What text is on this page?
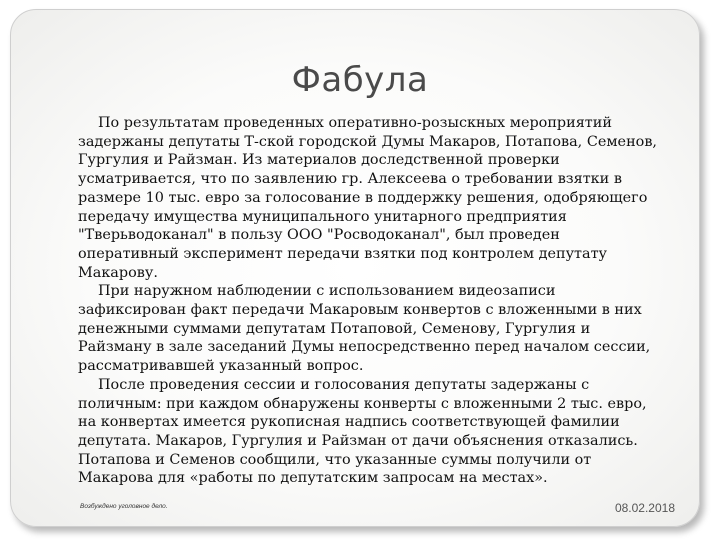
Фабула

По результатам проведенных оперативно-розыскных мероприятий задержаны депутаты Т-ской городской Думы Макаров, Потапова, Семенов, Гургулия и Райзман. Из материалов доследственной проверки усматривается, что по заявлению гр. Алексеева о требовании взятки в размере 10 тыс. евро за голосование в поддержку решения, одобряющего передачу имущества муниципального унитарного предприятия "Тверьводоканал" в пользу ООО "Росводоканал", был проведен оперативный эксперимент передачи взятки под контролем депутату Макарову.

При наружном наблюдении с использованием видеозаписи зафиксирован факт передачи Макаровым конвертов с вложенными в них денежными суммами депутатам Потаповой, Семенову, Гургулия и Райзману в зале заседаний Думы непосредственно перед началом сессии, рассматривавшей указанный вопрос.

После проведения сессии и голосования депутаты задержаны с поличным: при каждом обнаружены конверты с вложенными 2 тыс. евро, на конвертах имеется рукописная надпись соответствующей фамилии депутата. Макаров, Гургулия и Райзман от дачи объяснения отказались. Потапова и Семенов сообщили, что указанные суммы получили от Макарова для «работы по депутатским запросам на местах».

Возбуждено уголовное дело.	08.02.2018
